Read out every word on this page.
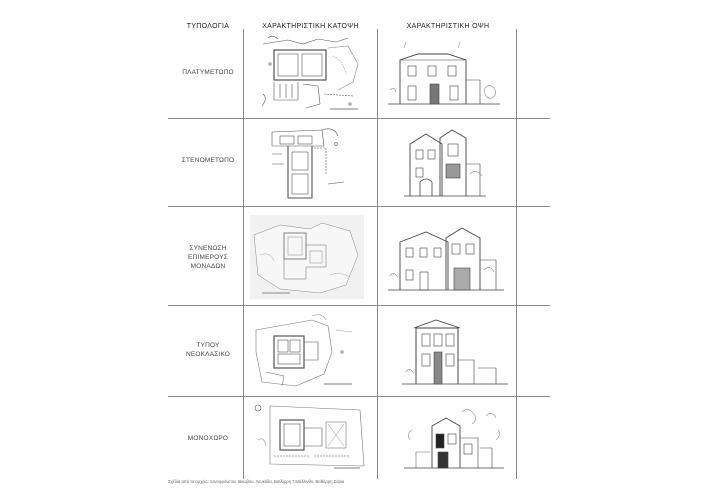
ΤΥΠΟΛΟΓΙΑ	ΧΑΡΑΚΤΗΡΙΣΤΙΚΗ ΚΑΤΟΨΗ	ΧΑΡΑΚΤΗΡΙΣΤΙΚΗ ΟΨΗ
ΠΛΑΤΥΜΕΤΩΠΟ
ΣΤΕΝΟΜΕΤΩΠΟ
ΣΥΝΕΝΩΣΗ
ΕΠΙΜΕΡΟΥΣ
ΜΟΝΑΔΩΝ
ΤΥΠΟΥ
ΝΕΟΚΛΑΣΙΚΟ
ΜΟΝΟΧΩΡΟ
Σχέδια από το αρχείο: Ξενοφρόνετου Ιάκωβου, Λευκάδα, Βαθύρρη Τ.Μάλλινθο, Βαθύρρη Σάρια
